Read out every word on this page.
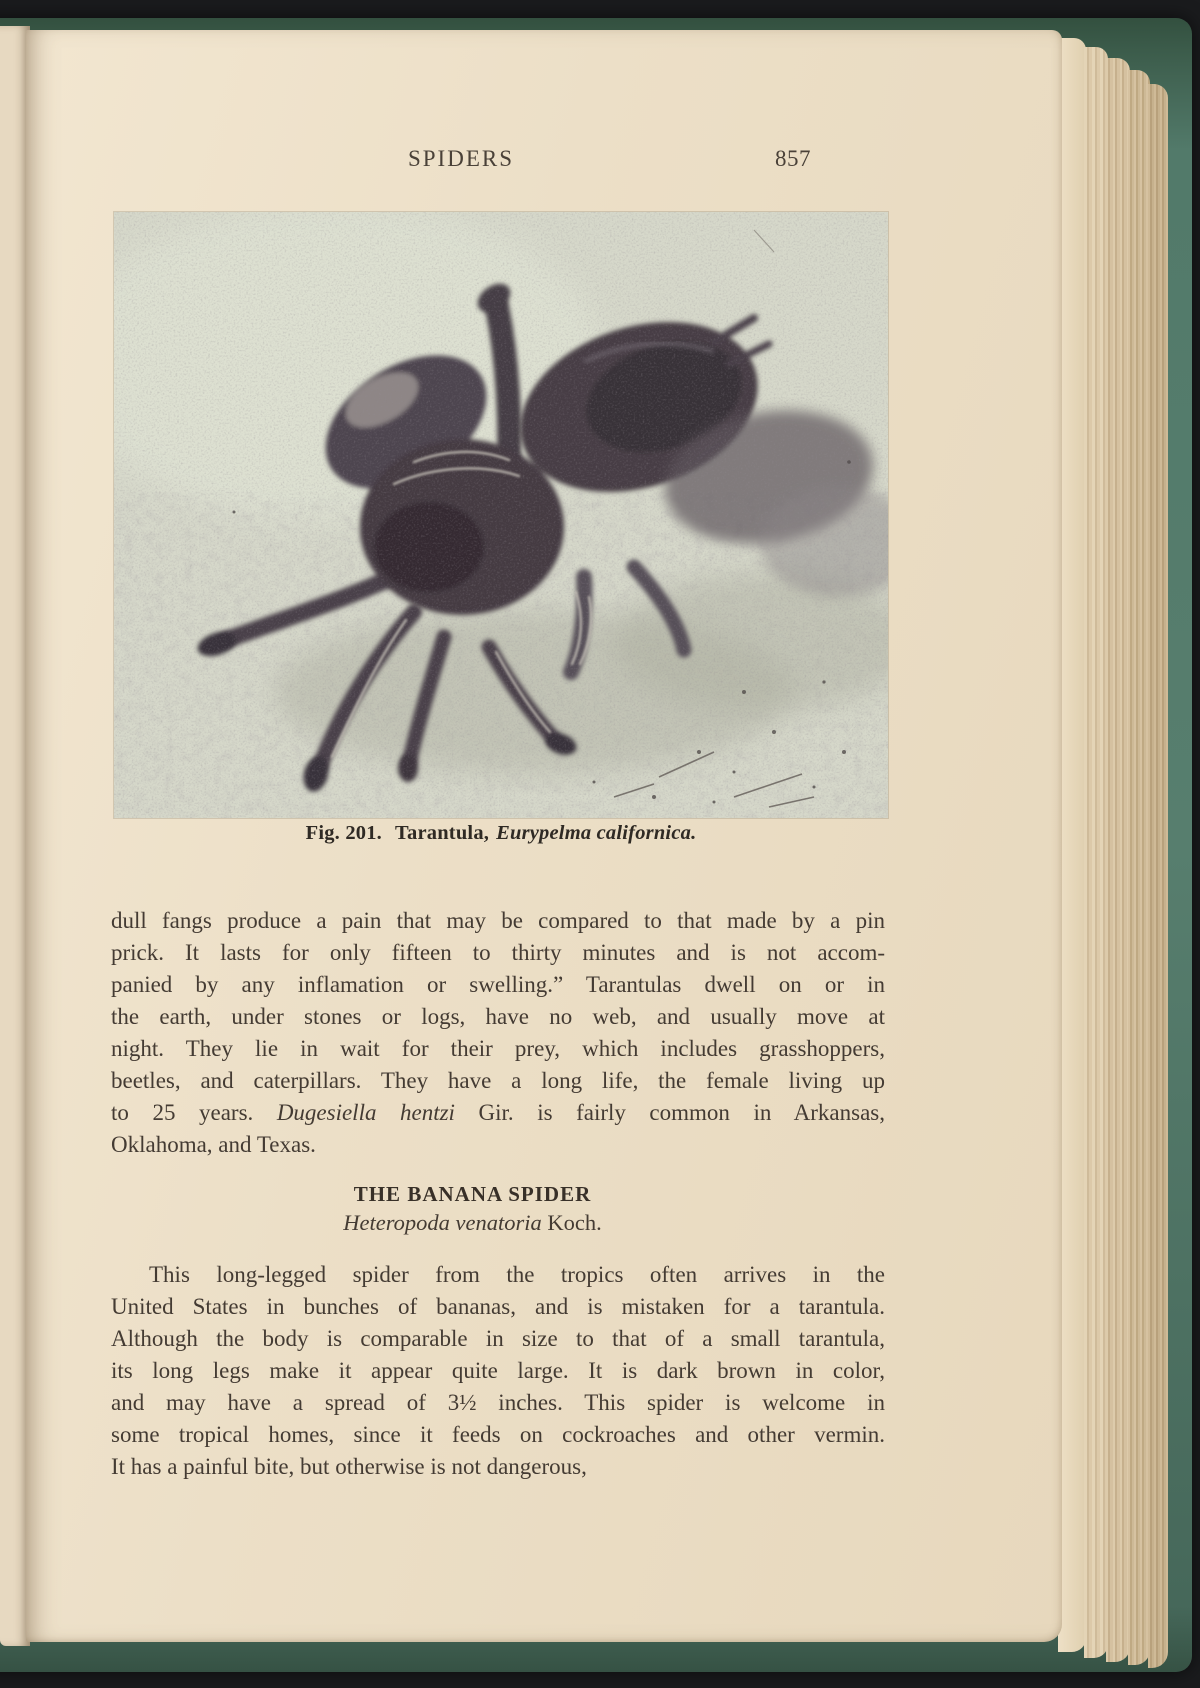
SPIDERS	857
Fig. 201. Tarantula, Eurypelma californica.
dull fangs produce a pain that may be compared to that made by a pin
prick. It lasts for only fifteen to thirty minutes and is not accom-
panied by any inflamation or swelling.” Tarantulas dwell on or in
the earth, under stones or logs, have no web, and usually move at
night. They lie in wait for their prey, which includes grasshoppers,
beetles, and caterpillars. They have a long life, the female living up
to 25 years. Dugesiella hentzi Gir. is fairly common in Arkansas,
Oklahoma, and Texas.
THE BANANA SPIDER
Heteropoda venatoria Koch.
This long-legged spider from the tropics often arrives in the
United States in bunches of bananas, and is mistaken for a tarantula.
Although the body is comparable in size to that of a small tarantula,
its long legs make it appear quite large. It is dark brown in color,
and may have a spread of 3½ inches. This spider is welcome in
some tropical homes, since it feeds on cockroaches and other vermin.
It has a painful bite, but otherwise is not dangerous,
